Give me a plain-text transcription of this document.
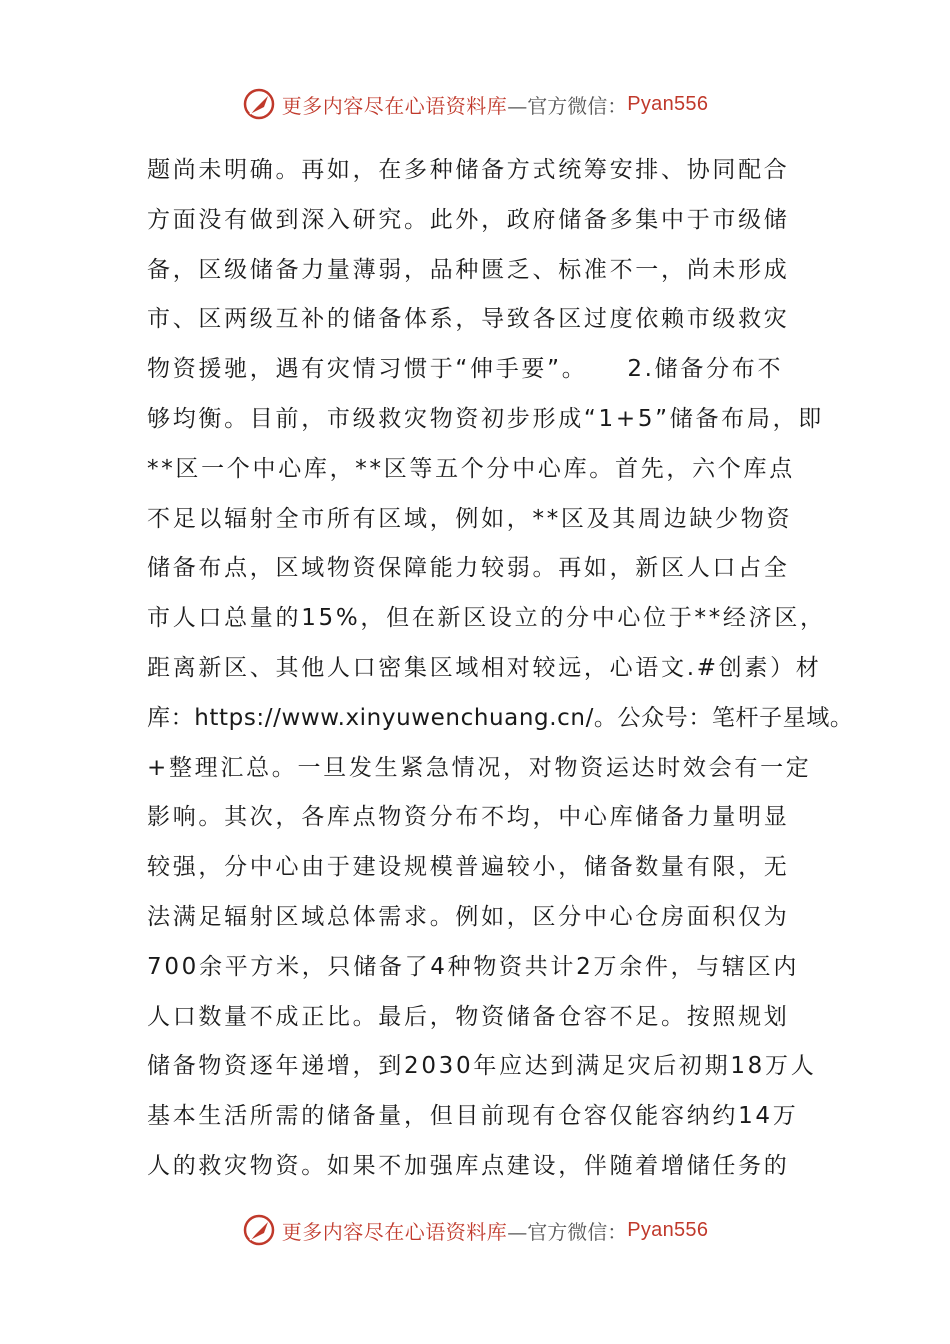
更多内容尽在心语资料库 —官方微信： Pyan556
题尚未明确。再如，在多种储备方式统筹安排、协同配合
方面没有做到深入研究。此外，政府储备多集中于市级储
备，区级储备力量薄弱，品种匮乏、标准不一，尚未形成
市、区两级互补的储备体系，导致各区过度依赖市级救灾
物资援驰，遇有灾情习惯于“伸手要”。　　2.储备分布不
够均衡。目前，市级救灾物资初步形成“1+5”储备布局，即
**区一个中心库，**区等五个分中心库。首先，六个库点
不足以辐射全市所有区域，例如，**区及其周边缺少物资
储备布点，区域物资保障能力较弱。再如，新区人口占全
市人口总量的15%，但在新区设立的分中心位于**经济区，
距离新区、其他人口密集区域相对较远，心语文.#创素）材
库：https://www.xinyuwenchuang.cn/。公众号：笔杆子星域。
+整理汇总。一旦发生紧急情况，对物资运达时效会有一定
影响。其次，各库点物资分布不均，中心库储备力量明显
较强，分中心由于建设规模普遍较小，储备数量有限，无
法满足辐射区域总体需求。例如，区分中心仓房面积仅为
700余平方米，只储备了4种物资共计2万余件，与辖区内
人口数量不成正比。最后，物资储备仓容不足。按照规划
储备物资逐年递增，到2030年应达到满足灾后初期18万人
基本生活所需的储备量，但目前现有仓容仅能容纳约14万
人的救灾物资。如果不加强库点建设，伴随着增储任务的
更多内容尽在心语资料库 —官方微信： Pyan556
